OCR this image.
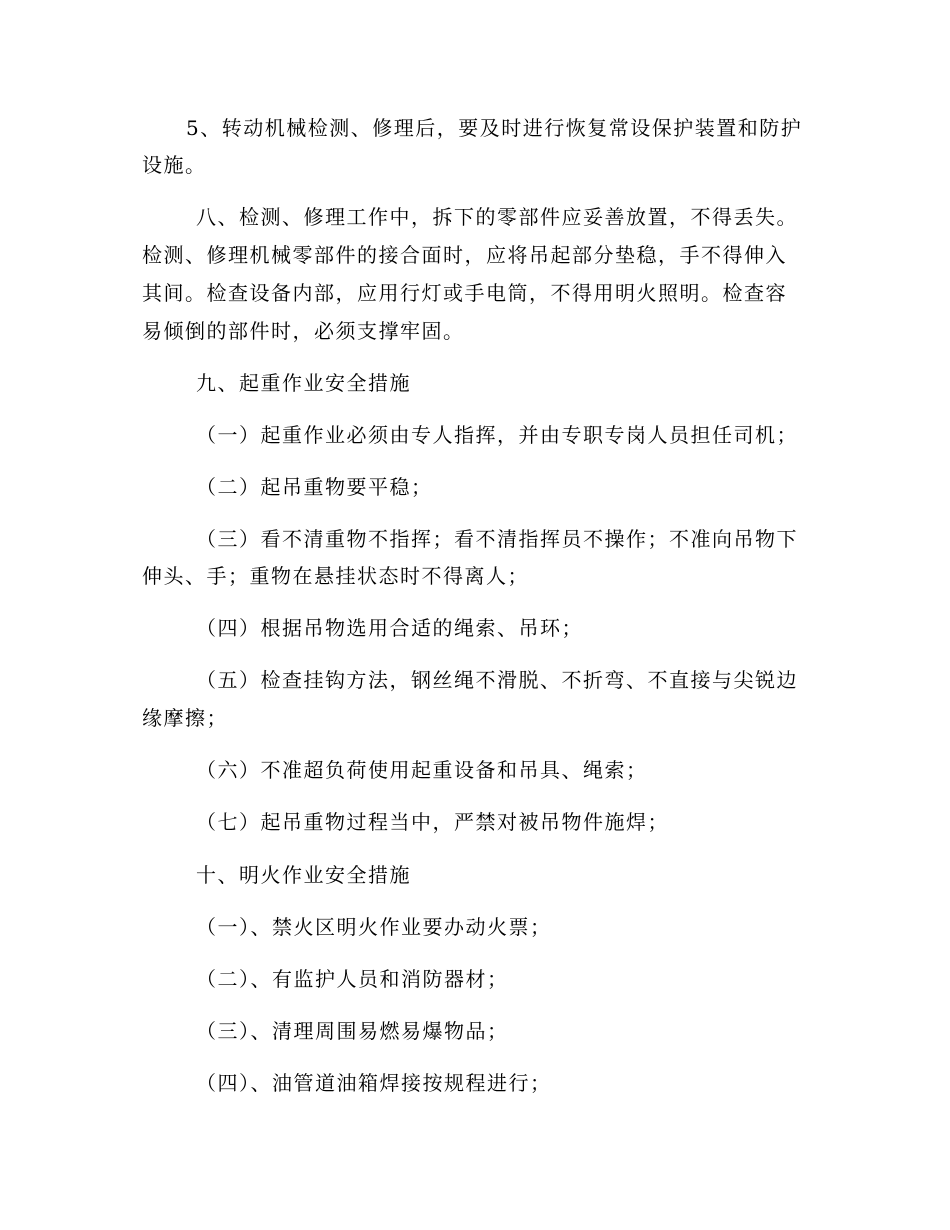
5、转动机械检测、修理后，要及时进行恢复常设保护装置和防护
设施。
八、检测、修理工作中，拆下的零部件应妥善放置，不得丢失。
检测、修理机械零部件的接合面时，应将吊起部分垫稳，手不得伸入
其间。检查设备内部，应用行灯或手电筒，不得用明火照明。检查容
易倾倒的部件时，必须支撑牢固。
九、起重作业安全措施
（一）起重作业必须由专人指挥，并由专职专岗人员担任司机；
（二）起吊重物要平稳；
（三）看不清重物不指挥；看不清指挥员不操作；不准向吊物下
伸头、手；重物在悬挂状态时不得离人；
（四）根据吊物选用合适的绳索、吊环；
（五）检查挂钩方法，钢丝绳不滑脱、不折弯、不直接与尖锐边
缘摩擦；
（六）不准超负荷使用起重设备和吊具、绳索；
（七）起吊重物过程当中，严禁对被吊物件施焊；
十、明火作业安全措施
（一）、禁火区明火作业要办动火票；
（二）、有监护人员和消防器材；
（三）、清理周围易燃易爆物品；
（四）、油管道油箱焊接按规程进行；
